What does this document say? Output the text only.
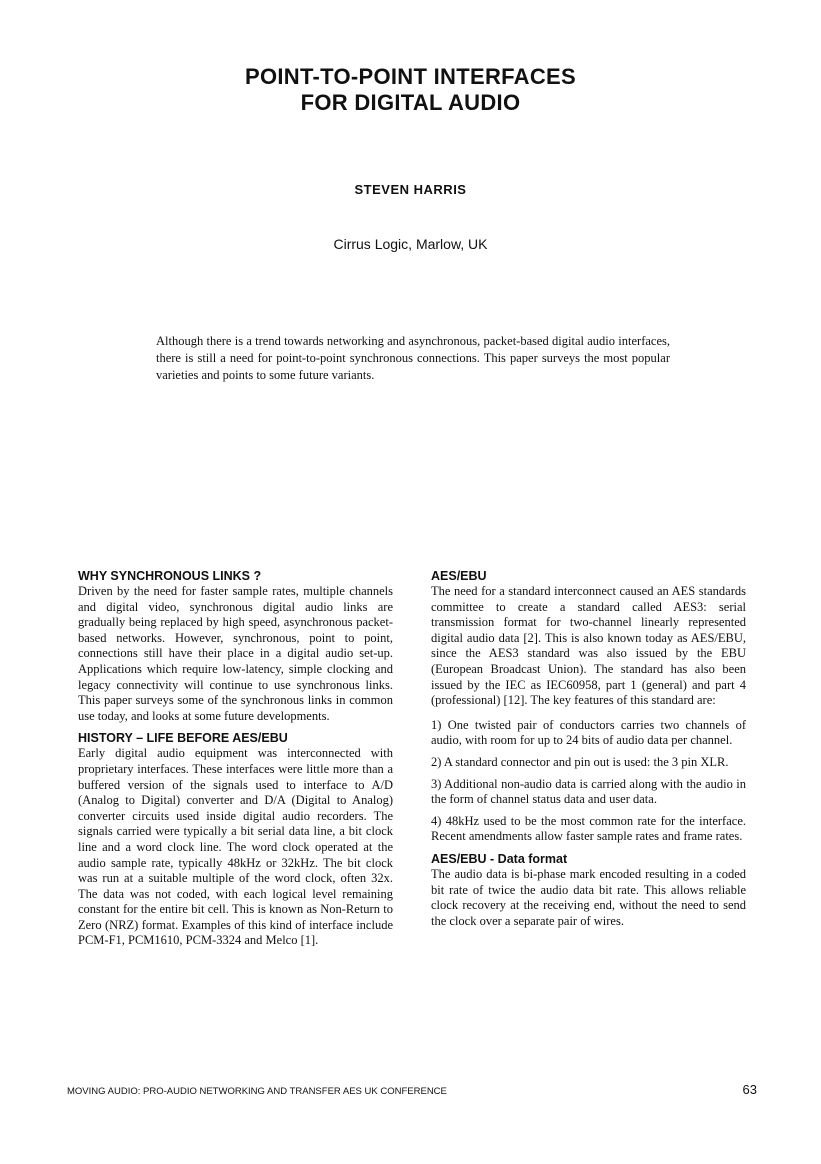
POINT-TO-POINT INTERFACES
FOR DIGITAL AUDIO
STEVEN HARRIS
Cirrus Logic, Marlow, UK

Although there is a trend towards networking and asynchronous, packet-based digital audio interfaces, there is still a need for point-to-point synchronous connections. This paper surveys the most popular varieties and points to some future variants.

WHY SYNCHRONOUS LINKS ?

Driven by the need for faster sample rates, multiple channels and digital video, synchronous digital audio links are gradually being replaced by high speed, asynchronous packet-based networks. However, synchronous, point to point, connections still have their place in a digital audio set-up. Applications which require low-latency, simple clocking and legacy connectivity will continue to use synchronous links. This paper surveys some of the synchronous links in common use today, and looks at some future developments.

HISTORY – LIFE BEFORE AES/EBU

Early digital audio equipment was interconnected with proprietary interfaces. These interfaces were little more than a buffered version of the signals used to interface to A/D (Analog to Digital) converter and D/A (Digital to Analog) converter circuits used inside digital audio recorders. The signals carried were typically a bit serial data line, a bit clock line and a word clock line. The word clock operated at the audio sample rate, typically 48kHz or 32kHz. The bit clock was run at a suitable multiple of the word clock, often 32x. The data was not coded, with each logical level remaining constant for the entire bit cell. This is known as Non-Return to Zero (NRZ) format. Examples of this kind of interface include PCM-F1, PCM1610, PCM-3324 and Melco [1].

AES/EBU

The need for a standard interconnect caused an AES standards committee to create a standard called AES3: serial transmission format for two-channel linearly represented digital audio data [2]. This is also known today as AES/EBU, since the AES3 standard was also issued by the EBU (European Broadcast Union). The standard has also been issued by the IEC as IEC60958, part 1 (general) and part 4 (professional) [12]. The key features of this standard are:

1) One twisted pair of conductors carries two channels of audio, with room for up to 24 bits of audio data per channel.
2) A standard connector and pin out is used: the 3 pin XLR.
3) Additional non-audio data is carried along with the audio in the form of channel status data and user data.
4) 48kHz used to be the most common rate for the interface. Recent amendments allow faster sample rates and frame rates.
AES/EBU - Data format

The audio data is bi-phase mark encoded resulting in a coded bit rate of twice the audio data bit rate. This allows reliable clock recovery at the receiving end, without the need to send the clock over a separate pair of wires.

MOVING AUDIO: PRO-AUDIO NETWORKING AND TRANSFER AES UK CONFERENCE	63
